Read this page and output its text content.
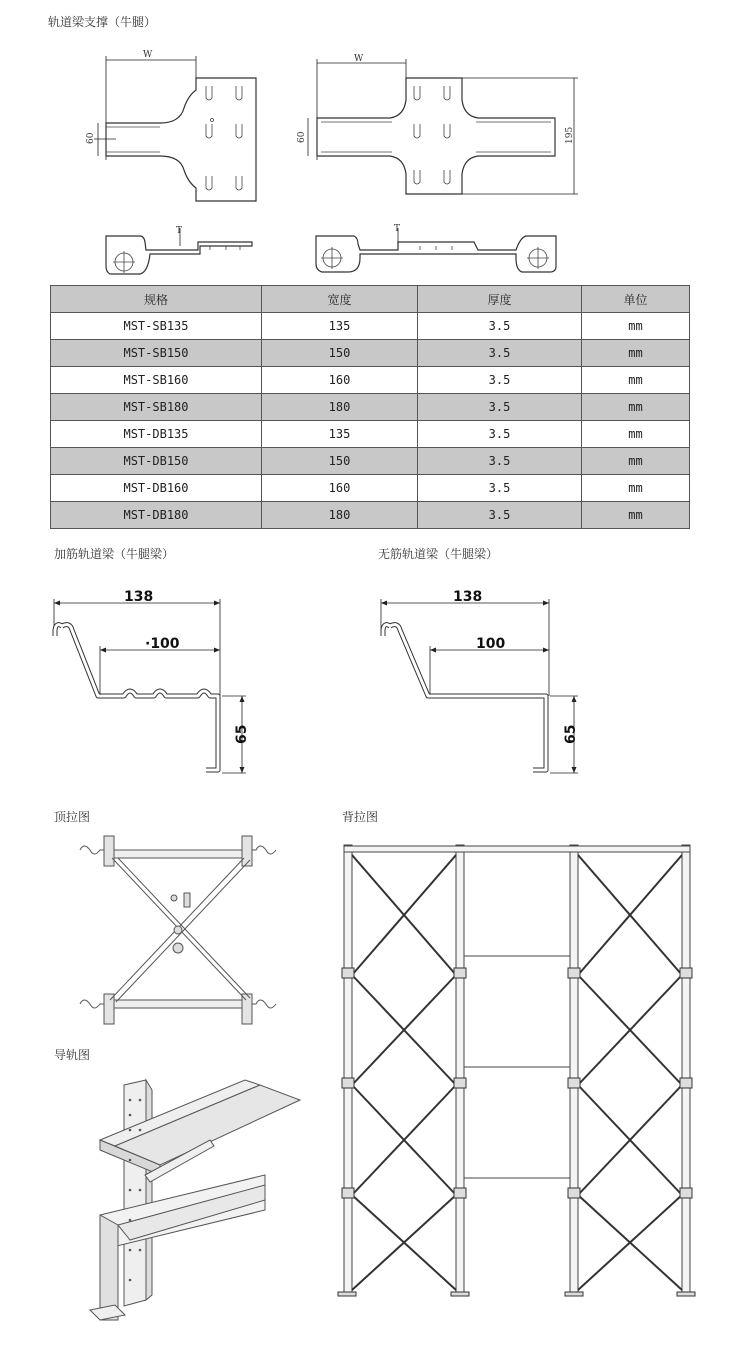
轨道梁支撑（牛腿）
W	W
60	60	195
T	T
规格	宽度	厚度	单位
MST-SB135	135	3.5	mm
MST-SB150	150	3.5	mm
MST-SB160	160	3.5	mm
MST-SB180	180	3.5	mm
MST-DB135	135	3.5	mm
MST-DB150	150	3.5	mm
MST-DB160	160	3.5	mm
MST-DB180	180	3.5	mm
加筋轨道梁（牛腿梁）	无筋轨道梁（牛腿梁）
138
·100
65
138
100
65
顶拉图	背拉图
导轨图
